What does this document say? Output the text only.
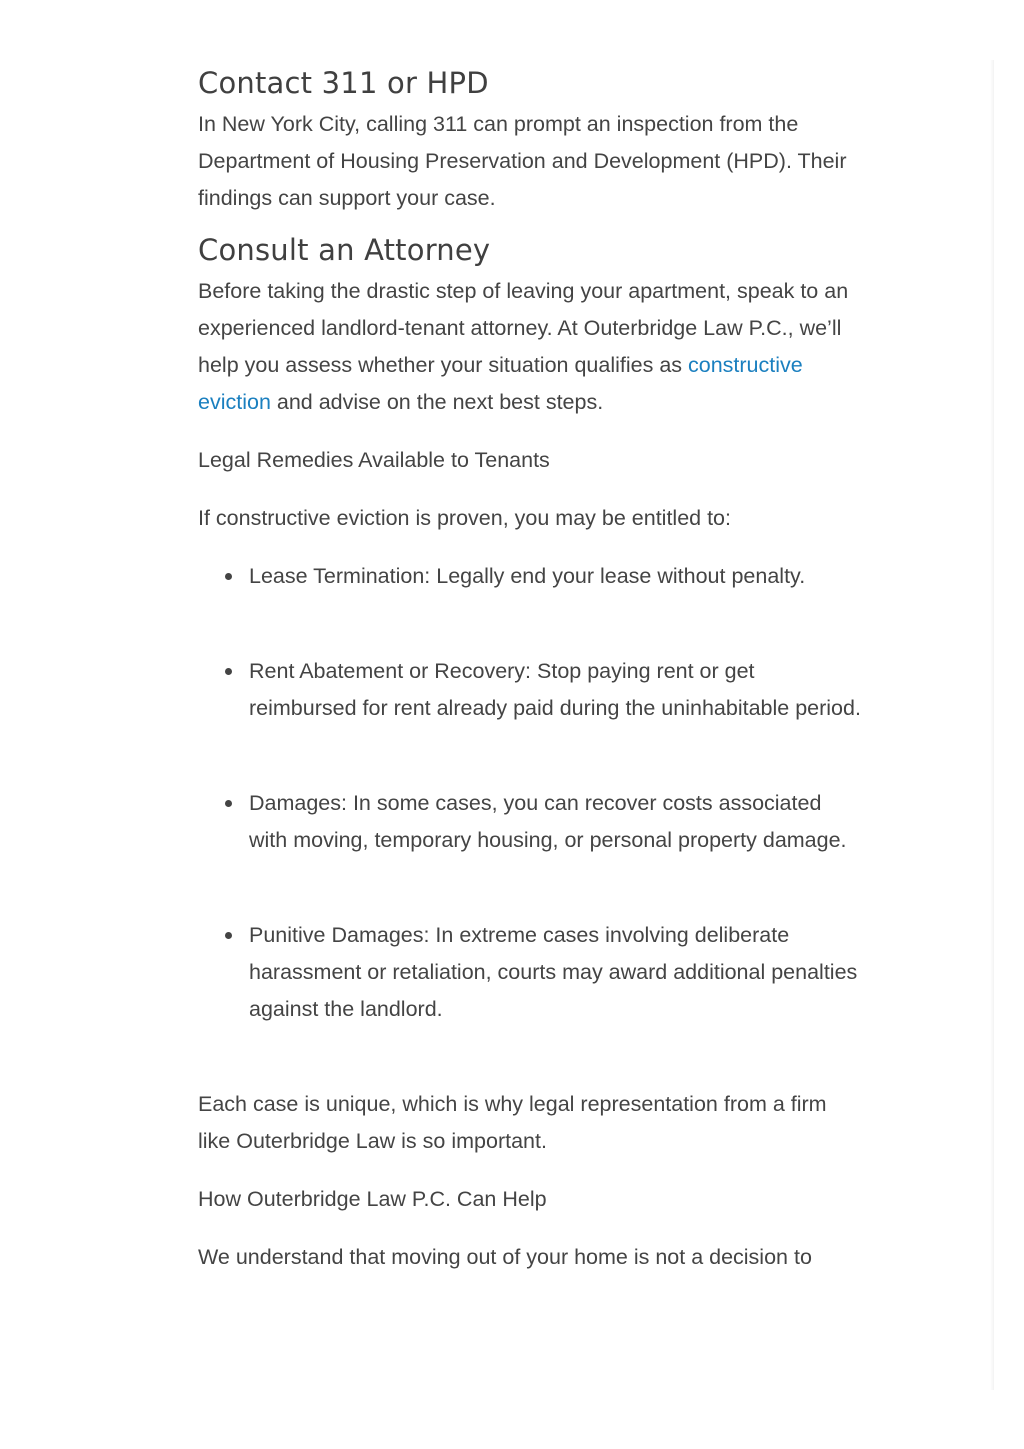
Contact 311 or HPD

In New York City, calling 311 can prompt an inspection from the Department of Housing Preservation and Development (HPD). Their findings can support your case.

Consult an Attorney

Before taking the drastic step of leaving your apartment, speak to an experienced landlord-tenant attorney. At Outerbridge Law P.C., we’ll help you assess whether your situation qualifies as constructive eviction and advise on the next best steps.

Legal Remedies Available to Tenants

If constructive eviction is proven, you may be entitled to:

Lease Termination: Legally end your lease without penalty.
Rent Abatement or Recovery: Stop paying rent or get reimbursed for rent already paid during the uninhabitable period.
Damages: In some cases, you can recover costs associated with moving, temporary housing, or personal property damage.
Punitive Damages: In extreme cases involving deliberate harassment or retaliation, courts may award additional penalties against the landlord.

Each case is unique, which is why legal representation from a firm like Outerbridge Law is so important.

How Outerbridge Law P.C. Can Help

We understand that moving out of your home is not a decision to
